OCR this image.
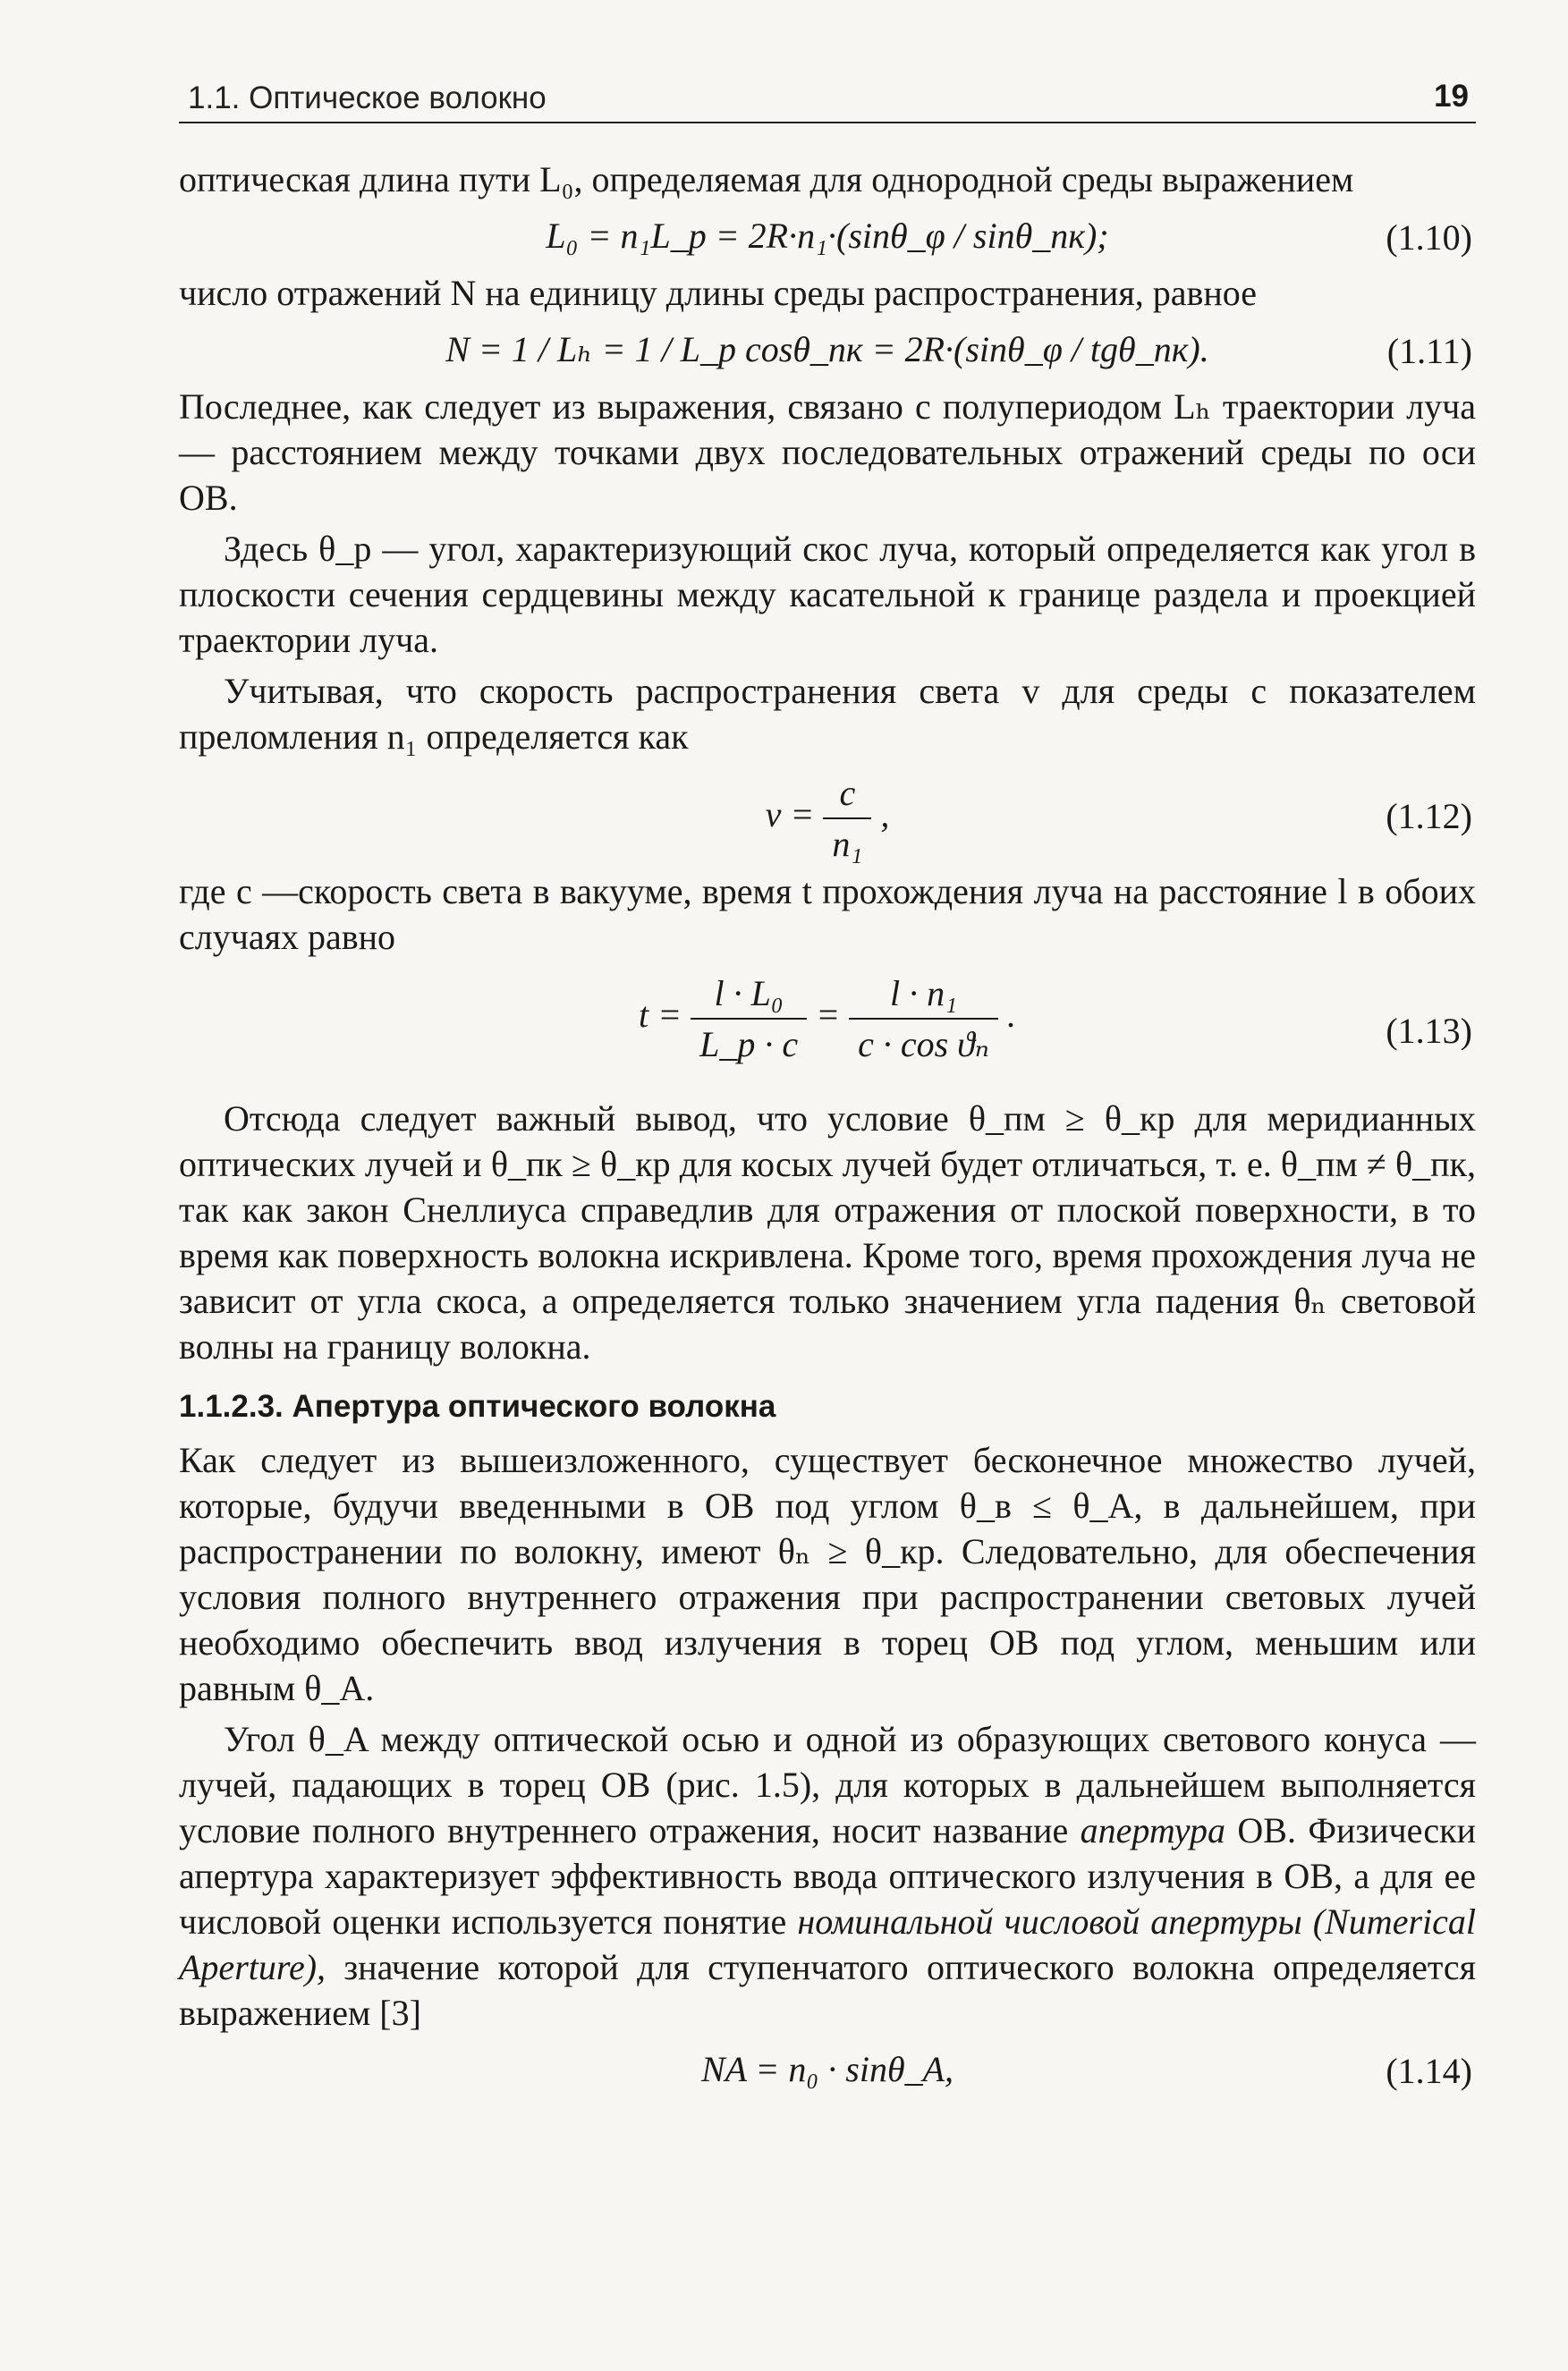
1.1. Оптическое волокно	19

оптическая длина пути L₀, определяемая для однородной среды выражением

L₀ = n₁L_p = 2R·n₁·(sinθ_φ / sinθ_пк);	(1.10)

число отражений N на единицу длины среды распространения, равное

N = 1 / Lₕ = 1 / L_p cosθ_пк = 2R·(sinθ_φ / tgθ_пк).	(1.11)

Последнее, как следует из выражения, связано с полупериодом Lₕ траектории луча — расстоянием между точками двух последовательных отражений среды по оси ОВ.

Здесь θ_p — угол, характеризующий скос луча, который определяется как угол в плоскости сечения сердцевины между касательной к границе раздела и проекцией траектории луча.

Учитывая, что скорость распространения света v для среды с показателем преломления n₁ определяется как

$v = \frac{c}{\text{n₁}}$ ,	(1.12)

где c —скорость света в вакууме, время t прохождения луча на расстояние l в обоих случаях равно

$t = \frac{\text{l · L₀}}{L\_p \cdot c} = \frac{\text{l · n₁}}{\text{c · cos ϑₙ}}$ .	(1.13)

Отсюда следует важный вывод, что условие θ_пм ≥ θ_кр для меридианных оптических лучей и θ_пк ≥ θ_кр для косых лучей будет отличаться, т. е. θ_пм ≠ θ_пк, так как закон Снеллиуса справедлив для отражения от плоской поверхности, в то время как поверхность волокна искривлена. Кроме того, время прохождения луча не зависит от угла скоса, а определяется только значением угла падения θₙ световой волны на границу волокна.

1.1.2.3. Апертура оптического волокна

Как следует из вышеизложенного, существует бесконечное множество лучей, которые, будучи введенными в ОВ под углом θ_в ≤ θ_A, в дальнейшем, при распространении по волокну, имеют θₙ ≥ θ_кр. Следовательно, для обеспечения условия полного внутреннего отражения при распространении световых лучей необходимо обеспечить ввод излучения в торец ОВ под углом, меньшим или равным θ_A.

Угол θ_A между оптической осью и одной из образующих светового конуса — лучей, падающих в торец ОВ (рис. 1.5), для которых в дальнейшем выполняется условие полного внутреннего отражения, носит название апертура ОВ. Физически апертура характеризует эффективность ввода оптического излучения в ОВ, а для ее числовой оценки используется понятие номинальной числовой апертуры (Numerical Aperture), значение которой для ступенчатого оптического волокна определяется выражением [3]

NA = n₀ · sinθ_A,	(1.14)
